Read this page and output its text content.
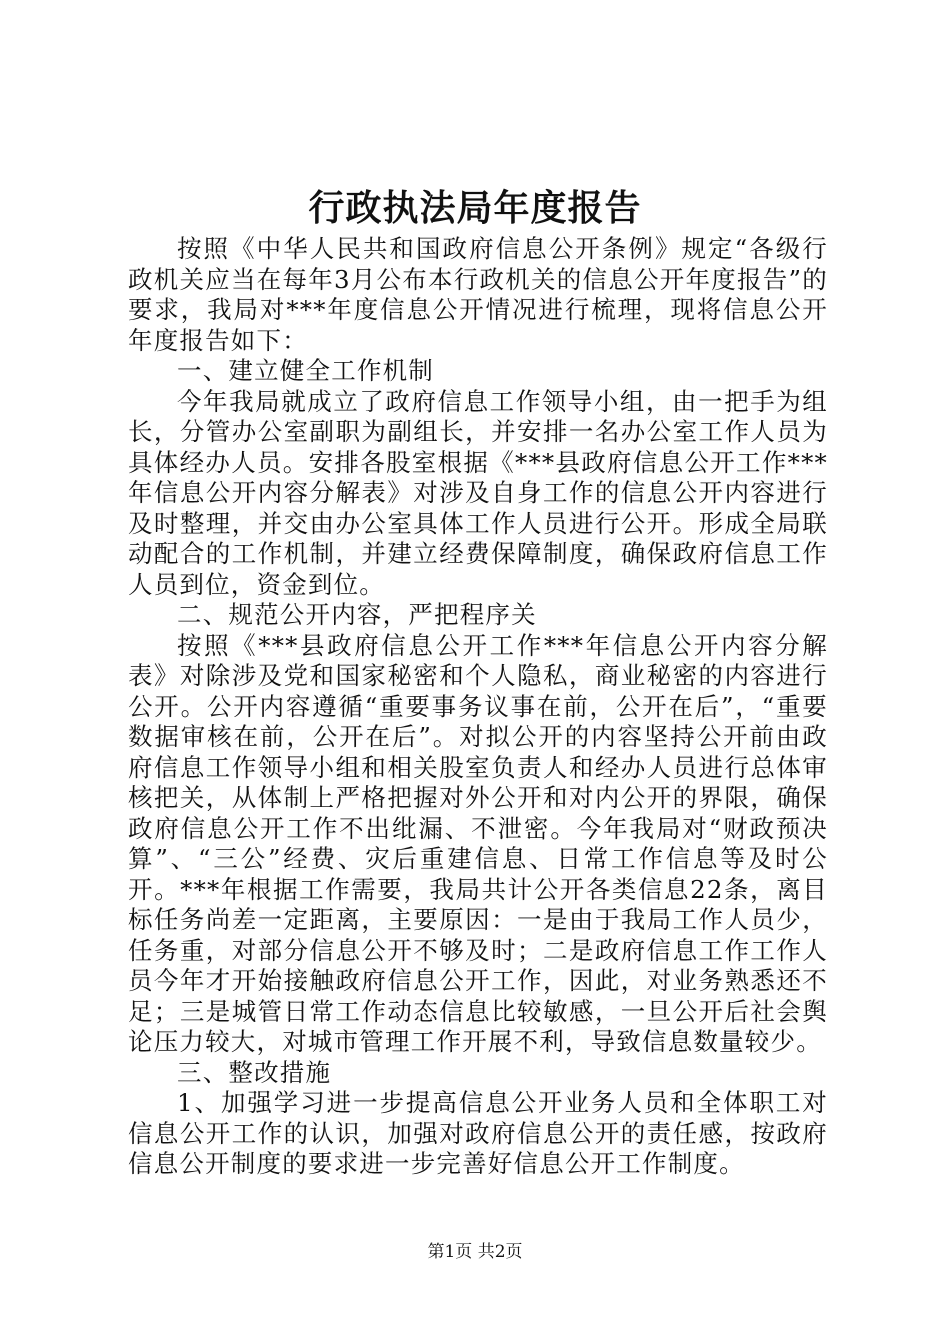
行政执法局年度报告

按照《中华人民共和国政府信息公开条例》规定“各级行政机关应当在每年3月公布本行政机关的信息公开年度报告”的要求，我局对***年度信息公开情况进行梳理，现将信息公开年度报告如下：

一、建立健全工作机制

今年我局就成立了政府信息工作领导小组，由一把手为组长，分管办公室副职为副组长，并安排一名办公室工作人员为具体经办人员。安排各股室根据《***县政府信息公开工作***年信息公开内容分解表》对涉及自身工作的信息公开内容进行及时整理，并交由办公室具体工作人员进行公开。形成全局联动配合的工作机制，并建立经费保障制度，确保政府信息工作人员到位，资金到位。

二、规范公开内容，严把程序关

按照《***县政府信息公开工作***年信息公开内容分解表》对除涉及党和国家秘密和个人隐私，商业秘密的内容进行公开。公开内容遵循“重要事务议事在前，公开在后”，“重要数据审核在前，公开在后”。对拟公开的内容坚持公开前由政府信息工作领导小组和相关股室负责人和经办人员进行总体审核把关，从体制上严格把握对外公开和对内公开的界限，确保政府信息公开工作不出纰漏、不泄密。今年我局对“财政预决算”、“三公”经费、灾后重建信息、日常工作信息等及时公开。***年根据工作需要，我局共计公开各类信息22条，离目标任务尚差一定距离，主要原因：一是由于我局工作人员少，任务重，对部分信息公开不够及时；二是政府信息工作工作人员今年才开始接触政府信息公开工作，因此，对业务熟悉还不足；三是城管日常工作动态信息比较敏感，一旦公开后社会舆论压力较大，对城市管理工作开展不利，导致信息数量较少。

三、整改措施

1、加强学习进一步提高信息公开业务人员和全体职工对信息公开工作的认识，加强对政府信息公开的责任感，按政府信息公开制度的要求进一步完善好信息公开工作制度。

第1页 共2页
